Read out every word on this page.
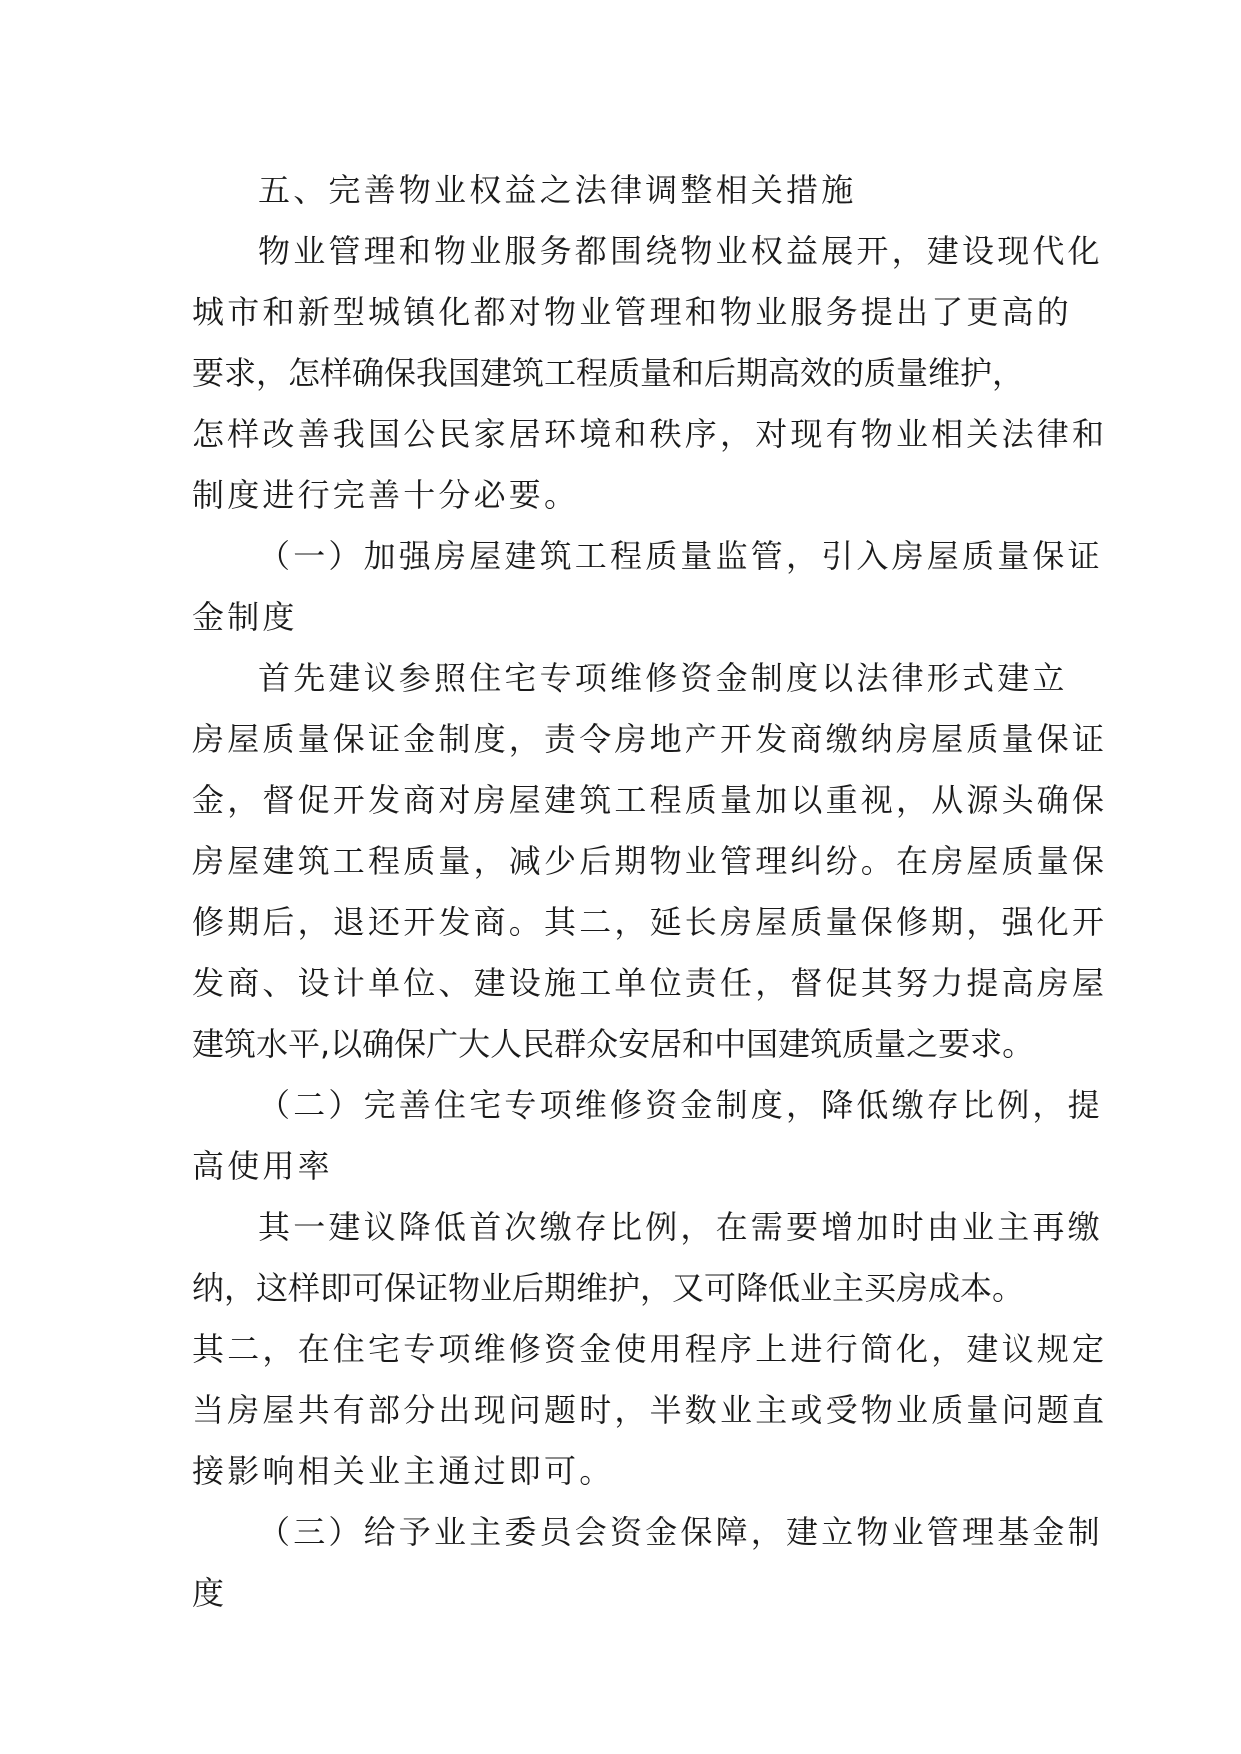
五、完善物业权益之法律调整相关措施
物业管理和物业服务都围绕物业权益展开，建设现代化
城市和新型城镇化都对物业管理和物业服务提出了更高的
要求，怎样确保我国建筑工程质量和后期高效的质量维护，
怎样改善我国公民家居环境和秩序，对现有物业相关法律和
制度进行完善十分必要。
（一）加强房屋建筑工程质量监管，引入房屋质量保证
金制度
首先建议参照住宅专项维修资金制度以法律形式建立
房屋质量保证金制度，责令房地产开发商缴纳房屋质量保证
金，督促开发商对房屋建筑工程质量加以重视，从源头确保
房屋建筑工程质量，减少后期物业管理纠纷。在房屋质量保
修期后，退还开发商。其二，延长房屋质量保修期，强化开
发商、设计单位、建设施工单位责任，督促其努力提高房屋
建筑水平,以确保广大人民群众安居和中国建筑质量之要求。
（二）完善住宅专项维修资金制度，降低缴存比例，提
高使用率
其一建议降低首次缴存比例，在需要增加时由业主再缴
纳，这样即可保证物业后期维护，又可降低业主买房成本。
其二，在住宅专项维修资金使用程序上进行简化，建议规定
当房屋共有部分出现问题时，半数业主或受物业质量问题直
接影响相关业主通过即可。
（三）给予业主委员会资金保障，建立物业管理基金制
度
